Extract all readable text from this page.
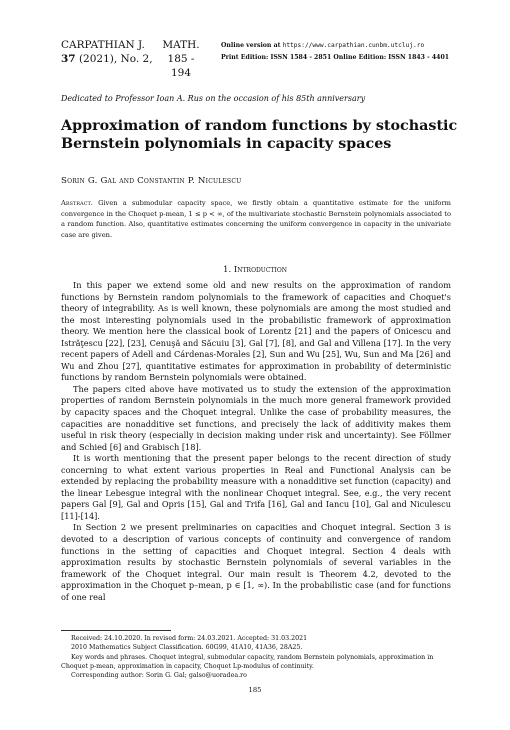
CARPATHIAN J.
37 (2021), No. 2,
MATH.
185 - 194
Online version at https://www.carpathian.cunbm.utcluj.ro
Print Edition: ISSN 1584 - 2851 Online Edition: ISSN 1843 - 4401
Dedicated to Professor Ioan A. Rus on the occasion of his 85th anniversary
Approximation of random functions by stochastic Bernstein polynomials in capacity spaces
Sorin G. Gal and Constantin P. Niculescu
Abstract. Given a submodular capacity space, we firstly obtain a quantitative estimate for the uniform convergence in the Choquet p-mean, 1 ≤ p < ∞, of the multivariate stochastic Bernstein polynomials associated to a random function. Also, quantitative estimates concerning the uniform convergence in capacity in the univariate case are given.
1. Introduction

In this paper we extend some old and new results on the approximation of random functions by Bernstein random polynomials to the framework of capacities and Choquet's theory of integrability. As is well known, these polynomials are among the most studied and the most interesting polynomials used in the probabilistic framework of approximation theory. We mention here the classical book of Lorentz [21] and the papers of Onicescu and Istrăţescu [22], [23], Cenuşă and Săcuiu [3], Gal [7], [8], and Gal and Villena [17]. In the very recent papers of Adell and Cárdenas-Morales [2], Sun and Wu [25], Wu, Sun and Ma [26] and Wu and Zhou [27], quantitative estimates for approximation in probability of deterministic functions by random Bernstein polynomials were obtained.

The papers cited above have motivated us to study the extension of the approximation properties of random Bernstein polynomials in the much more general framework provided by capacity spaces and the Choquet integral. Unlike the case of probability measures, the capacities are nonadditive set functions, and precisely the lack of additivity makes them useful in risk theory (especially in decision making under risk and uncertainty). See Föllmer and Schied [6] and Grabisch [18].

It is worth mentioning that the present paper belongs to the recent direction of study concerning to what extent various properties in Real and Functional Analysis can be extended by replacing the probability measure with a nonadditive set function (capacity) and the linear Lebesgue integral with the nonlinear Choquet integral. See, e.g., the very recent papers Gal [9], Gal and Opris [15], Gal and Trifa [16], Gal and Iancu [10], Gal and Niculescu [11]-[14].

In Section 2 we present preliminaries on capacities and Choquet integral. Section 3 is devoted to a description of various concepts of continuity and convergence of random functions in the setting of capacities and Choquet integral. Section 4 deals with approximation results by stochastic Bernstein polynomials of several variables in the framework of the Choquet integral. Our main result is Theorem 4.2, devoted to the approximation in the Choquet p–mean, p ∈ [1, ∞). In the probabilistic case (and for functions of one real

Received: 24.10.2020. In revised form: 24.03.2021. Accepted: 31.03.2021

2010 Mathematics Subject Classification. 60G99, 41A10, 41A36, 28A25.

Key words and phrases. Choquet integral, submodular capacity, random Bernstein polynomials, approximation in Choquet p-mean, approximation in capacity, Choquet Lp-modulus of continuity.

Corresponding author: Sorin G. Gal; galso@uoradea.ro

185
